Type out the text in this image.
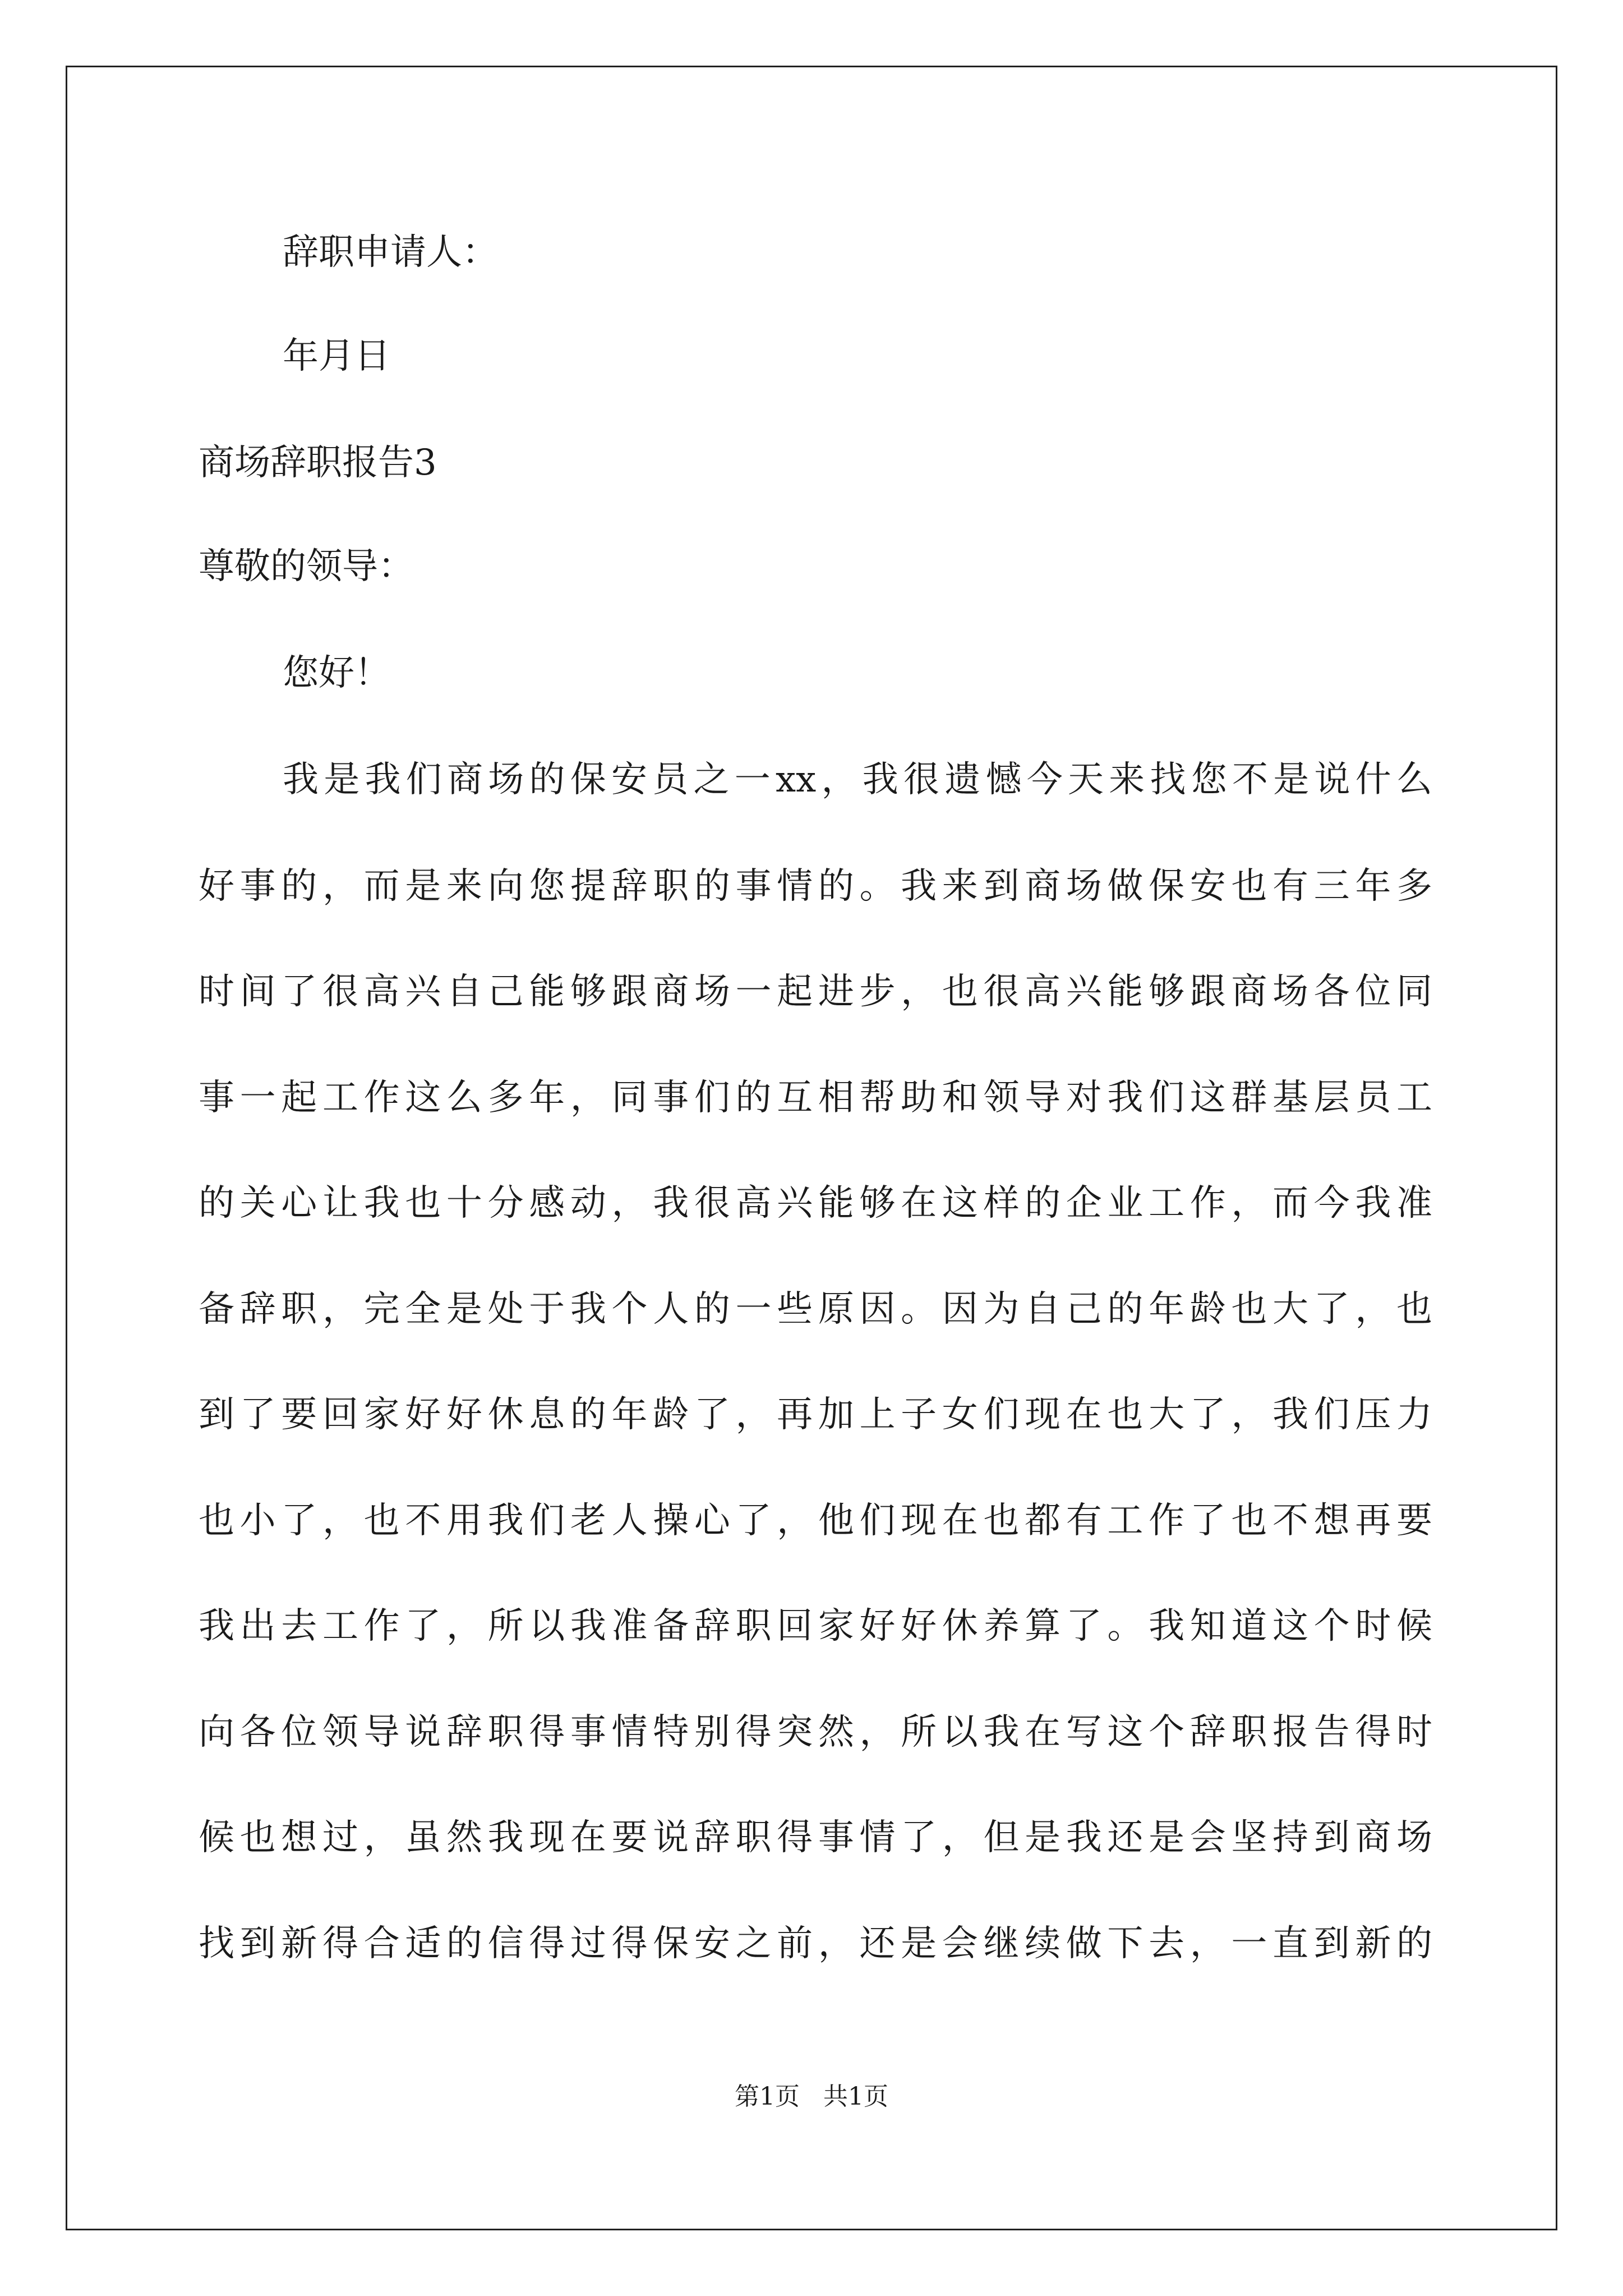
辞职申请人：
年月日
商场辞职报告3
尊敬的领导：
您好！
我是我们商场的保安员之一xx，我很遗憾今天来找您不是说什么
好事的，而是来向您提辞职的事情的。我来到商场做保安也有三年多
时间了很高兴自己能够跟商场一起进步，也很高兴能够跟商场各位同
事一起工作这么多年，同事们的互相帮助和领导对我们这群基层员工
的关心让我也十分感动，我很高兴能够在这样的企业工作，而今我准
备辞职，完全是处于我个人的一些原因。因为自己的年龄也大了，也
到了要回家好好休息的年龄了，再加上子女们现在也大了，我们压力
也小了，也不用我们老人操心了，他们现在也都有工作了也不想再要
我出去工作了，所以我准备辞职回家好好休养算了。我知道这个时候
向各位领导说辞职得事情特别得突然，所以我在写这个辞职报告得时
候也想过，虽然我现在要说辞职得事情了，但是我还是会坚持到商场
找到新得合适的信得过得保安之前，还是会继续做下去，一直到新的
第1页   共1页
